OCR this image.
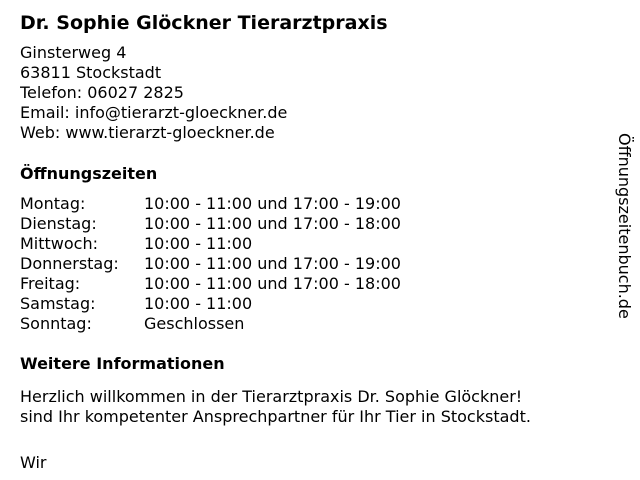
Dr. Sophie Glöckner Tierarztpraxis
Ginsterweg 4
63811 Stockstadt
Telefon: 06027 2825
Email: info@tierarzt-gloeckner.de
Web: www.tierarzt-gloeckner.de
Öffnungszeiten
Montag:	10:00 - 11:00 und 17:00 - 19:00
Dienstag:	10:00 - 11:00 und 17:00 - 18:00
Mittwoch:	10:00 - 11:00
Donnerstag: 10:00 - 11:00 und 17:00 - 19:00
Freitag:	10:00 - 11:00 und 17:00 - 18:00
Samstag:	10:00 - 11:00
Sonntag:	Geschlossen
Weitere Informationen
Herzlich willkommen in der Tierarztpraxis Dr. Sophie Glöckner!
sind Ihr kompetenter Ansprechpartner für Ihr Tier in Stockstadt.
Wir
Öffnungszeitenbuch.de
